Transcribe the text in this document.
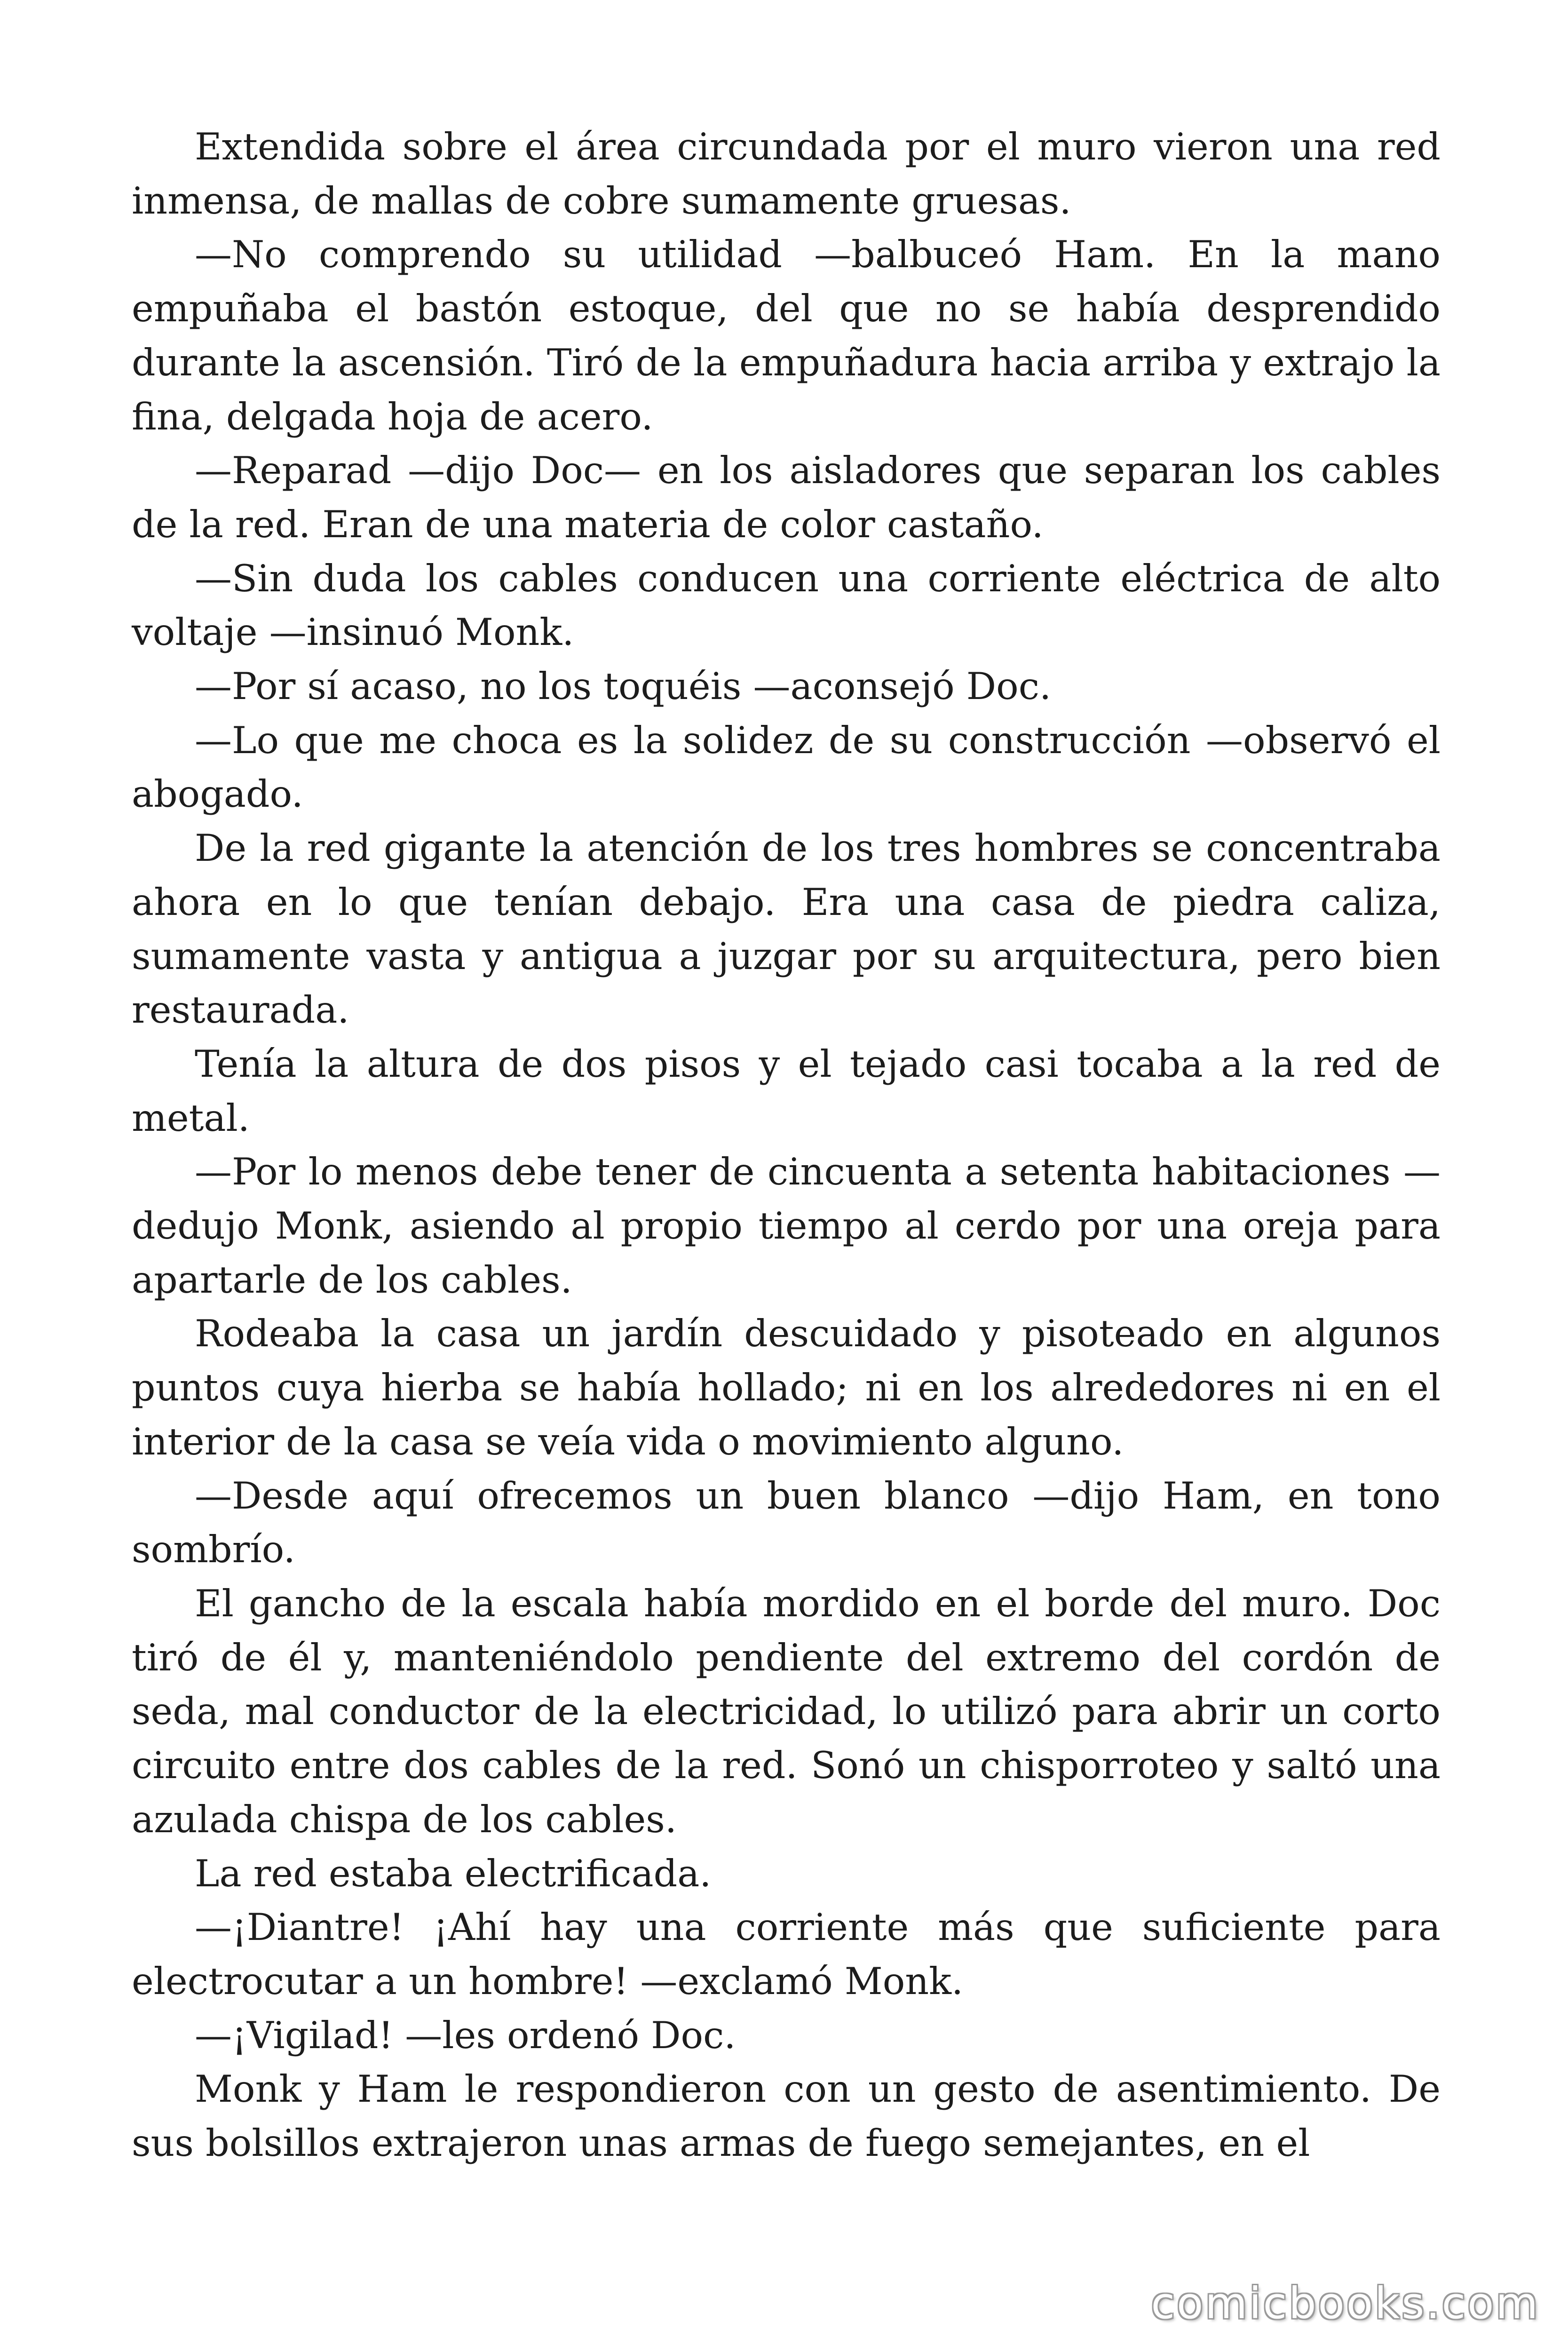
Extendida sobre el área circundada por el muro vieron una red inmensa, de mallas de cobre sumamente gruesas.

—No comprendo su utilidad —balbuceó Ham. En la mano empuñaba el bastón estoque, del que no se había desprendido durante la ascensión. Tiró de la empuñadura hacia arriba y extrajo la fina, delgada hoja de acero.

—Reparad —dijo Doc— en los aisladores que separan los cables de la red. Eran de una materia de color castaño.

—Sin duda los cables conducen una corriente eléctrica de alto voltaje —insinuó Monk.

—Por sí acaso, no los toquéis —aconsejó Doc.

—Lo que me choca es la solidez de su construcción —observó el abogado.

De la red gigante la atención de los tres hombres se concentraba ahora en lo que tenían debajo. Era una casa de piedra caliza, sumamente vasta y antigua a juzgar por su arquitectura, pero bien restaurada.

Tenía la altura de dos pisos y el tejado casi tocaba a la red de metal.

—Por lo menos debe tener de cincuenta a setenta habitaciones —dedujo Monk, asiendo al propio tiempo al cerdo por una oreja para apartarle de los cables.

Rodeaba la casa un jardín descuidado y pisoteado en algunos puntos cuya hierba se había hollado; ni en los alrededores ni en el interior de la casa se veía vida o movimiento alguno.

—Desde aquí ofrecemos un buen blanco —dijo Ham, en tono sombrío.

El gancho de la escala había mordido en el borde del muro. Doc tiró de él y, manteniéndolo pendiente del extremo del cordón de seda, mal conductor de la electricidad, lo utilizó para abrir un corto circuito entre dos cables de la red. Sonó un chisporroteo y saltó una azulada chispa de los cables.

La red estaba electrificada.

—¡Diantre! ¡Ahí hay una corriente más que suficiente para electrocutar a un hombre! —exclamó Monk.

—¡Vigilad! —les ordenó Doc.

Monk y Ham le respondieron con un gesto de asentimiento. De sus bolsillos extrajeron unas armas de fuego semejantes, en el

comicbooks.com
